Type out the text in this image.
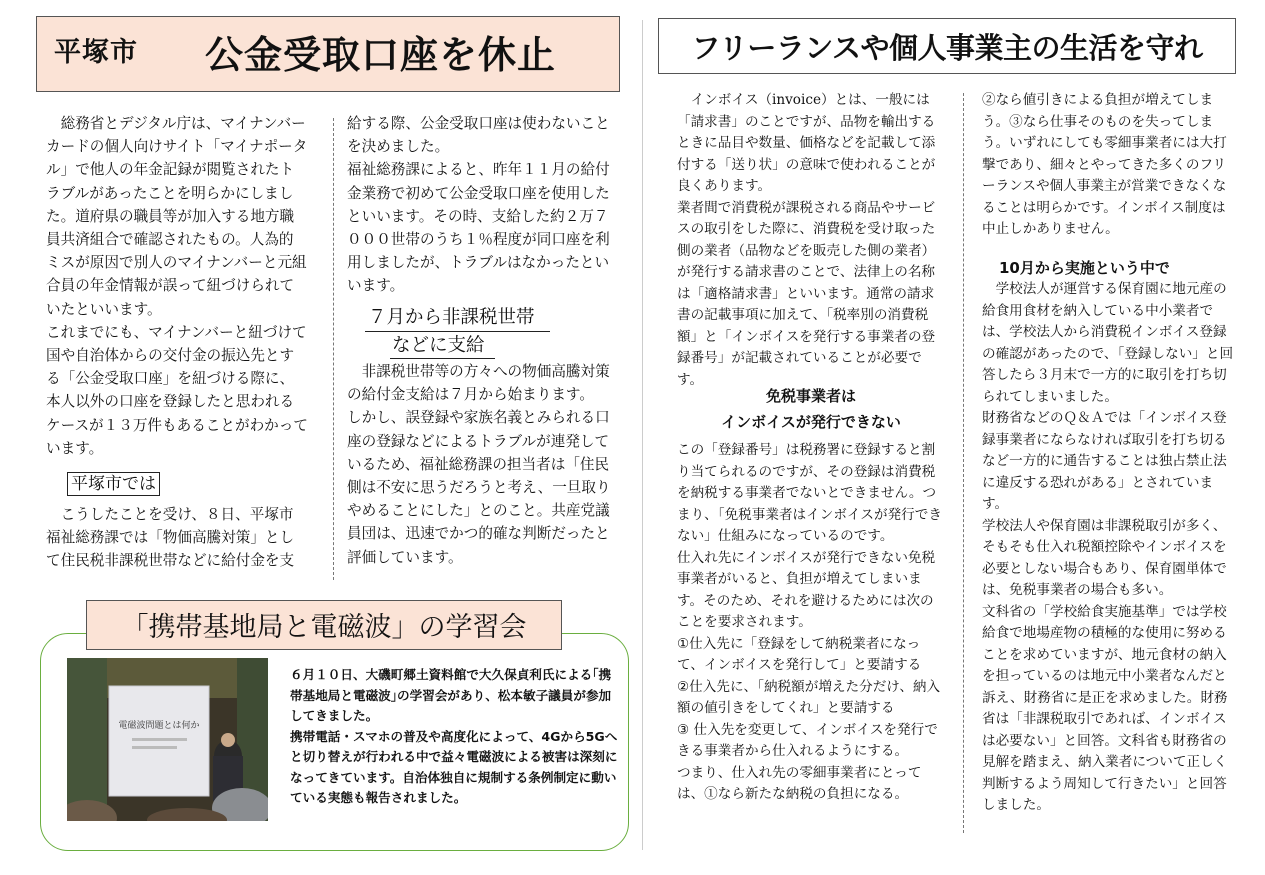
平塚市 公金受取口座を休止

総務省とデジタル庁は、マイナンバーカードの個人向けサイト「マイナポータル」で他人の年金記録が閲覧されたトラブルがあったことを明らかにしました。道府県の職員等が加入する地方職員共済組合で確認されたもの。人為的ミスが原因で別人のマイナンバーと元組合員の年金情報が誤って紐づけられていたといいます。
これまでにも、マイナンバーと紐づけて国や自治体からの交付金の振込先とする「公金受取口座」を紐づける際に、本人以外の口座を登録したと思われるケースが１３万件もあることがわかっています。

平塚市では

こうしたことを受け、８日、平塚市福祉総務課では「物価高騰対策」として住民税非課税世帯などに給付金を支

給する際、公金受取口座は使わないことを決めました。
福祉総務課によると、昨年１１月の給付金業務で初めて公金受取口座を使用したといいます。その時、支給した約２万７０００世帯のうち１％程度が同口座を利用しましたが、トラブルはなかったといいます。

７月から非課税世帯
などに支給

非課税世帯等の方々への物価高騰対策の給付金支給は７月から始まります。
しかし、誤登録や家族名義とみられる口座の登録などによるトラブルが連発しているため、福祉総務課の担当者は「住民側は不安に思うだろうと考え、一旦取りやめることにした」とのこと。共産党議員団は、迅速でかつ的確な判断だったと評価しています。

「携帯基地局と電磁波」の学習会
電磁波問題とは何か

６月１０日、大磯町郷土資料館で大久保貞利氏による｢携帯基地局と電磁波｣の学習会があり、松本敏子議員が参加してきました。
携帯電話・スマホの普及や高度化によって、4Gから5Gへと切り替えが行われる中で益々電磁波による被害は深刻になってきています。自治体独自に規制する条例制定に動いている実態も報告されました。

フリーランスや個人事業主の生活を守れ

インボイス（invoice）とは、一般には「請求書」のことですが、品物を輸出するときに品目や数量、価格などを記載して添付する「送り状」の意味で使われることが良くあります。
業者間で消費税が課税される商品やサービスの取引をした際に、消費税を受け取った側の業者（品物などを販売した側の業者）が発行する請求書のことで、法律上の名称は「適格請求書」といいます。通常の請求書の記載事項に加えて、「税率別の消費税額」と「インボイスを発行する事業者の登録番号」が記載されていることが必要です。

免税事業者は
インボイスが発行できない

この「登録番号」は税務署に登録すると割り当てられるのですが、その登録は消費税を納税する事業者でないとできません。つまり、「免税事業者はインボイスが発行できない」仕組みになっているのです。
仕入れ先にインボイスが発行できない免税事業者がいると、負担が増えてしまいます。そのため、それを避けるためには次のことを要求されます。
①仕入先に「登録をして納税業者になって、インボイスを発行して」と要請する
②仕入先に、「納税額が増えた分だけ、納入額の値引きをしてくれ」と要請する
③ 仕入先を変更して、インボイスを発行できる事業者から仕入れるようにする。
つまり、仕入れ先の零細事業者にとっては、①なら新たな納税の負担になる。

②なら値引きによる負担が増えてしまう。③なら仕事そのものを失ってしまう。いずれにしても零細事業者には大打撃であり、細々とやってきた多くのフリーランスや個人事業主が営業できなくなることは明らかです。インボイス制度は中止しかありません。

10月から実施という中で

学校法人が運営する保育園に地元産の給食用食材を納入している中小業者では、学校法人から消費税インボイス登録の確認があったので、「登録しない」と回答したら３月末で一方的に取引を打ち切られてしまいました。
財務省などのＱ＆Ａでは「インボイス登録事業者にならなければ取引を打ち切るなど一方的に通告することは独占禁止法に違反する恐れがある」とされています。
学校法人や保育園は非課税取引が多く、そもそも仕入れ税額控除やインボイスを必要としない場合もあり、保育園単体では、免税事業者の場合も多い。
文科省の「学校給食実施基準」では学校給食で地場産物の積極的な使用に努めることを求めていますが、地元食材の納入を担っているのは地元中小業者なんだと訴え、財務省に是正を求めました。財務省は「非課税取引であれば、インボイスは必要ない」と回答。文科省も財務省の見解を踏まえ、納入業者について正しく判断するよう周知して行きたい」と回答しました。
